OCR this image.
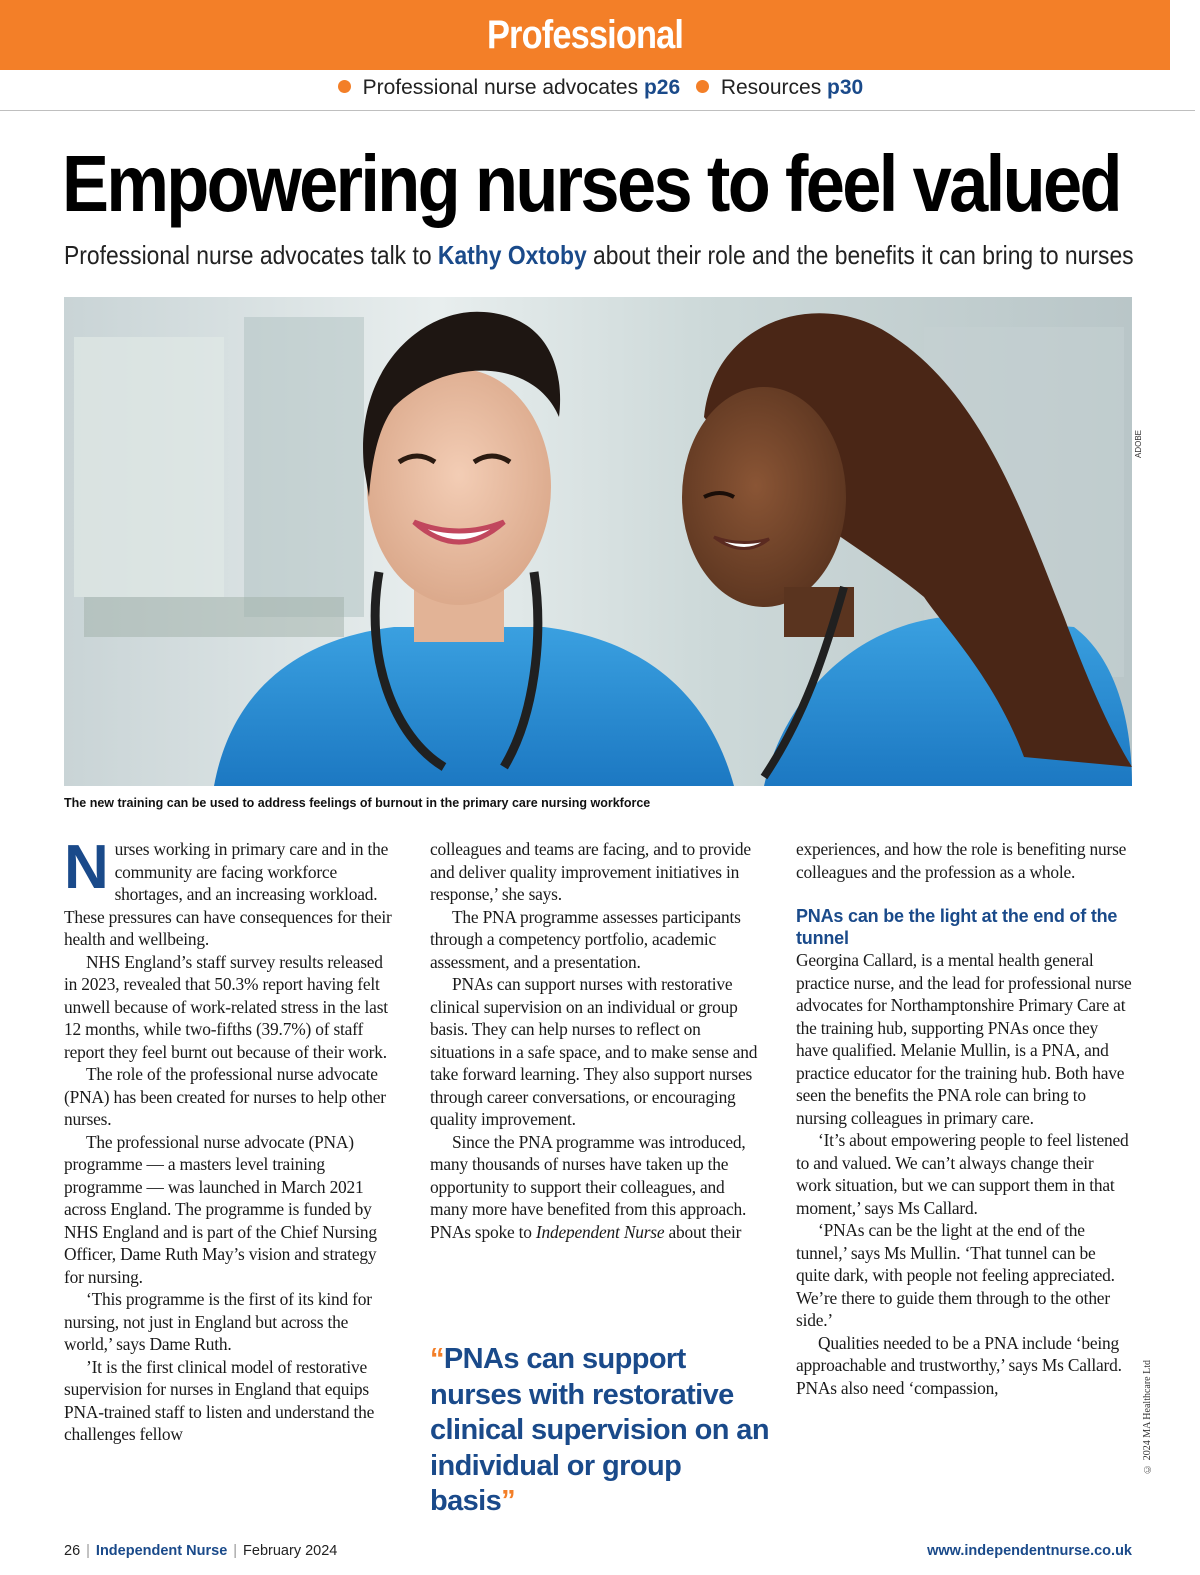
Professional
Professional nurse advocates p26 Resources p30
Empowering nurses to feel valued
Professional nurse advocates talk to Kathy Oxtoby about their role and the benefits it can bring to nurses
ADOBE
The new training can be used to address feelings of burnout in the primary care nursing workforce

Nurses working in primary care and in the community are facing workforce shortages, and an increasing workload. These pressures can have consequences for their health and wellbeing.

NHS England’s staff survey results released in 2023, revealed that 50.3% report having felt unwell because of work-related stress in the last 12 months, while two-fifths (39.7%) of staff report they feel burnt out because of their work.

The role of the professional nurse advocate (PNA) has been created for nurses to help other nurses.

The professional nurse advocate (PNA) programme — a masters level training programme — was launched in March 2021 across England. The programme is funded by NHS England and is part of the Chief Nursing Officer, Dame Ruth May’s vision and strategy for nursing.

‘This programme is the first of its kind for nursing, not just in England but across the world,’ says Dame Ruth.

’It is the first clinical model of restorative supervision for nurses in England that equips PNA-trained staff to listen and understand the challenges fellow

colleagues and teams are facing, and to provide and deliver quality improvement initiatives in response,’ she says.

The PNA programme assesses participants through a competency portfolio, academic assessment, and a presentation.

PNAs can support nurses with restorative clinical supervision on an individual or group basis. They can help nurses to reflect on situations in a safe space, and to make sense and take forward learning. They also support nurses through career conversations, or encouraging quality improvement.

Since the PNA programme was introduced, many thousands of nurses have taken up the opportunity to support their colleagues, and many more have benefited from this approach. PNAs spoke to Independent Nurse about their

“PNAs can support nurses with restorative clinical supervision on an individual or group basis”

experiences, and how the role is benefiting nurse colleagues and the profession as a whole.

PNAs can be the light at the end of the tunnel

Georgina Callard, is a mental health general practice nurse, and the lead for professional nurse advocates for Northamptonshire Primary Care at the training hub, supporting PNAs once they have qualified. Melanie Mullin, is a PNA, and practice educator for the training hub. Both have seen the benefits the PNA role can bring to nursing colleagues in primary care.

‘It’s about empowering people to feel listened to and valued. We can’t always change their work situation, but we can support them in that moment,’ says Ms Callard.

‘PNAs can be the light at the end of the tunnel,’ says Ms Mullin. ‘That tunnel can be quite dark, with people not feeling appreciated. We’re there to guide them through to the other side.’

Qualities needed to be a PNA include ‘being approachable and trustworthy,’ says Ms Callard. PNAs also need ‘compassion,	© 2024 MA Healthcare Ltd
26 | Independent Nurse | February 2024	www.independentnurse.co.uk
